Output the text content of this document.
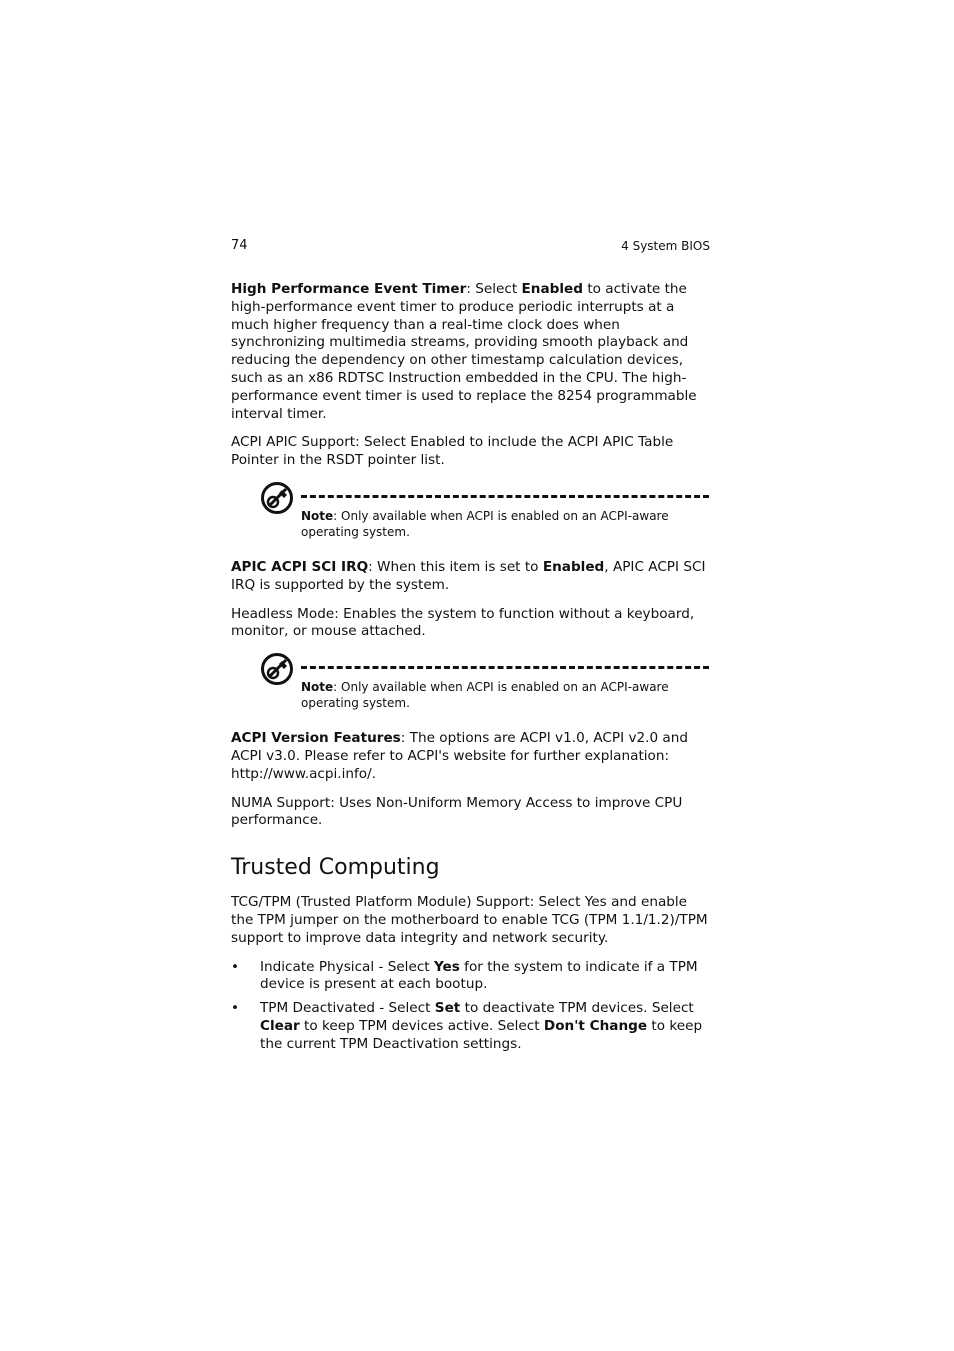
74	4 System BIOS

High Performance Event Timer: Select Enabled to activate the high-performance event timer to produce periodic interrupts at a much higher frequency than a real-time clock does when synchronizing multimedia streams, providing smooth playback and reducing the dependency on other timestamp calculation devices, such as an x86 RDTSC Instruction embedded in the CPU. The high-performance event timer is used to replace the 8254 programmable interval timer.

ACPI APIC Support: Select Enabled to include the ACPI APIC Table Pointer in the RSDT pointer list.

Note: Only available when ACPI is enabled on an ACPI-aware operating system.

APIC ACPI SCI IRQ: When this item is set to Enabled, APIC ACPI SCI IRQ is supported by the system.

Headless Mode: Enables the system to function without a keyboard, monitor, or mouse attached.

Note: Only available when ACPI is enabled on an ACPI-aware operating system.

ACPI Version Features: The options are ACPI v1.0, ACPI v2.0 and ACPI v3.0. Please refer to ACPI's website for further explanation: http://www.acpi.info/.

NUMA Support: Uses Non-Uniform Memory Access to improve CPU performance.

Trusted Computing

TCG/TPM (Trusted Platform Module) Support: Select Yes and enable the TPM jumper on the motherboard to enable TCG (TPM 1.1/1.2)/TPM support to improve data integrity and network security.

• Indicate Physical - Select Yes for the system to indicate if a TPM device is present at each bootup.
• TPM Deactivated - Select Set to deactivate TPM devices. Select Clear to keep TPM devices active. Select Don't Change to keep the current TPM Deactivation settings.
